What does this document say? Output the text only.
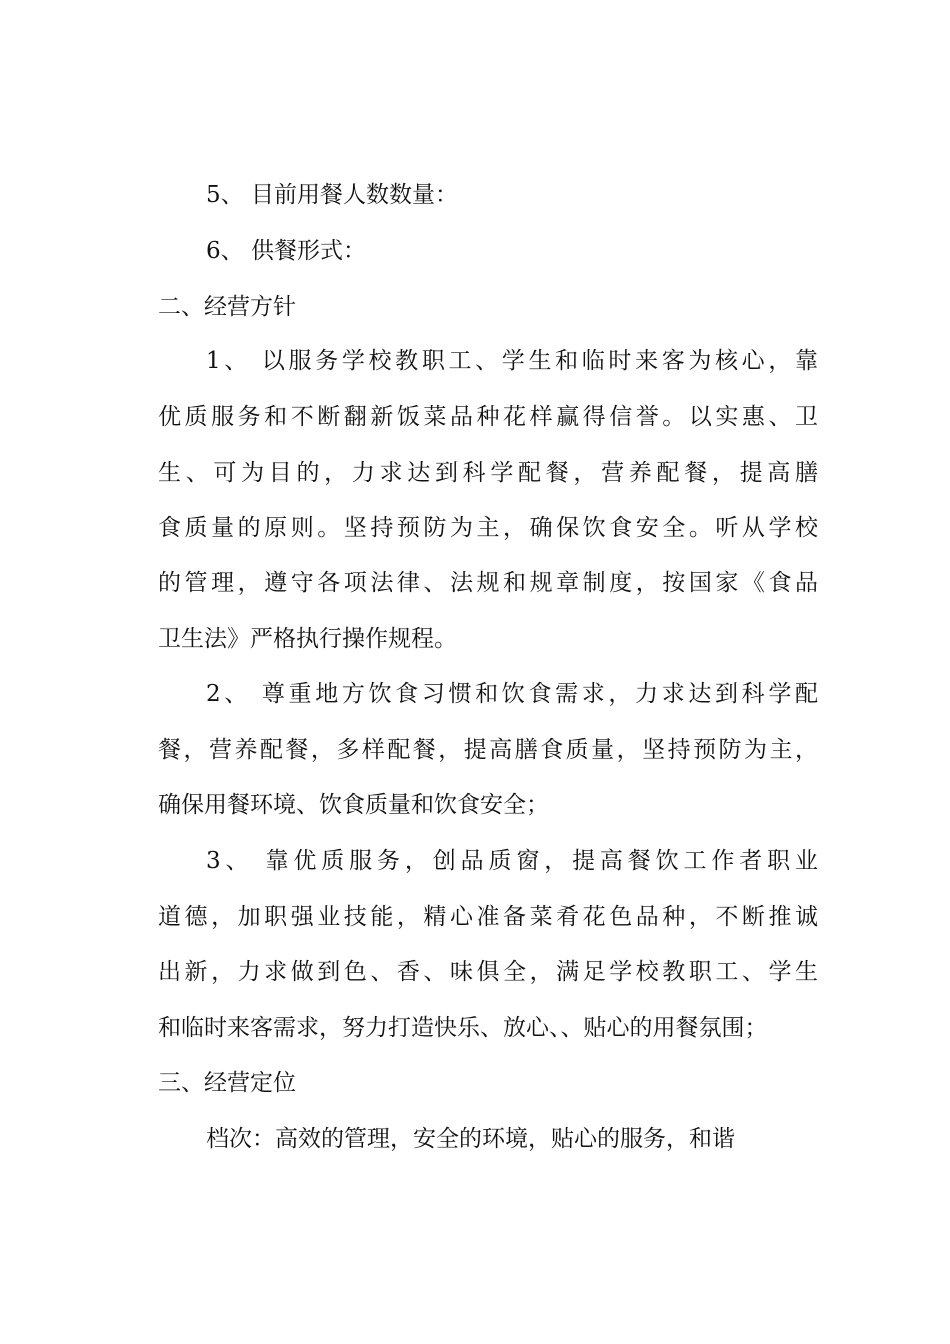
5、 目前用餐人数数量：
6、 供餐形式：
二、经营方针
1、 以服务学校教职工、学生和临时来客为核心，靠
优质服务和不断翻新饭菜品种花样赢得信誉。以实惠、卫
生、可为目的，力求达到科学配餐，营养配餐，提高膳
食质量的原则。坚持预防为主，确保饮食安全。听从学校
的管理，遵守各项法律、法规和规章制度，按国家《食品
卫生法》严格执行操作规程。
2、 尊重地方饮食习惯和饮食需求，力求达到科学配
餐，营养配餐，多样配餐，提高膳食质量，坚持预防为主，
确保用餐环境、饮食质量和饮食安全；
3、 靠优质服务，创品质窗，提高餐饮工作者职业
道德，加职强业技能，精心准备菜肴花色品种，不断推诚
出新，力求做到色、香、味俱全，满足学校教职工、学生
和临时来客需求，努力打造快乐、放心、、贴心的用餐氛围；
三、经营定位
档次：高效的管理，安全的环境，贴心的服务，和谐
